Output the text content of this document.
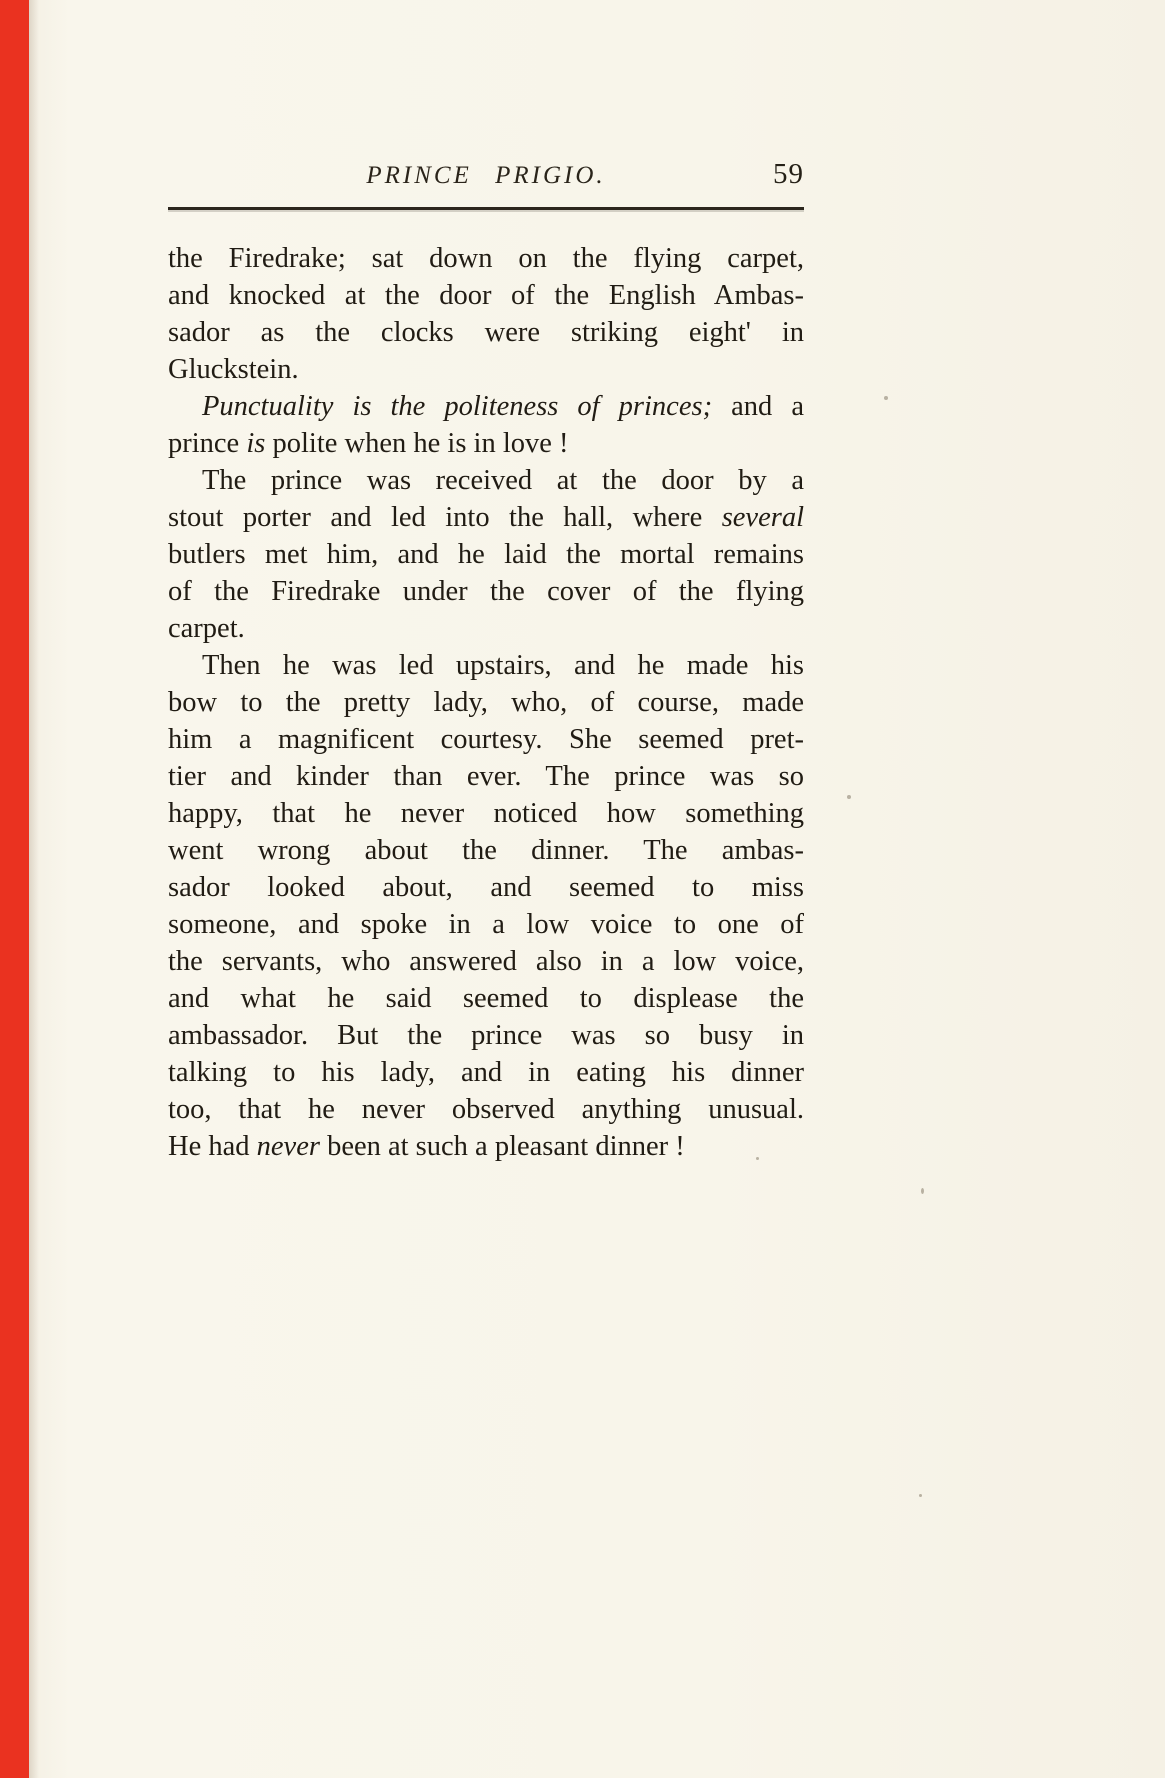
PRINCE PRIGIO.	59
the Firedrake; sat down on the flying carpet,
and knocked at the door of the English Ambas-
sador as the clocks were striking eight' in
Gluckstein.
Punctuality is the politeness of princes; and a
prince is polite when he is in love !
The prince was received at the door by a
stout porter and led into the hall, where several
butlers met him, and he laid the mortal remains
of the Firedrake under the cover of the flying
carpet.
Then he was led upstairs, and he made his
bow to the pretty lady, who, of course, made
him a magnificent courtesy. She seemed pret-
tier and kinder than ever. The prince was so
happy, that he never noticed how something
went wrong about the dinner. The ambas-
sador looked about, and seemed to miss
someone, and spoke in a low voice to one of
the servants, who answered also in a low voice,
and what he said seemed to displease the
ambassador. But the prince was so busy in
talking to his lady, and in eating his dinner
too, that he never observed anything unusual.
He had never been at such a pleasant dinner !
